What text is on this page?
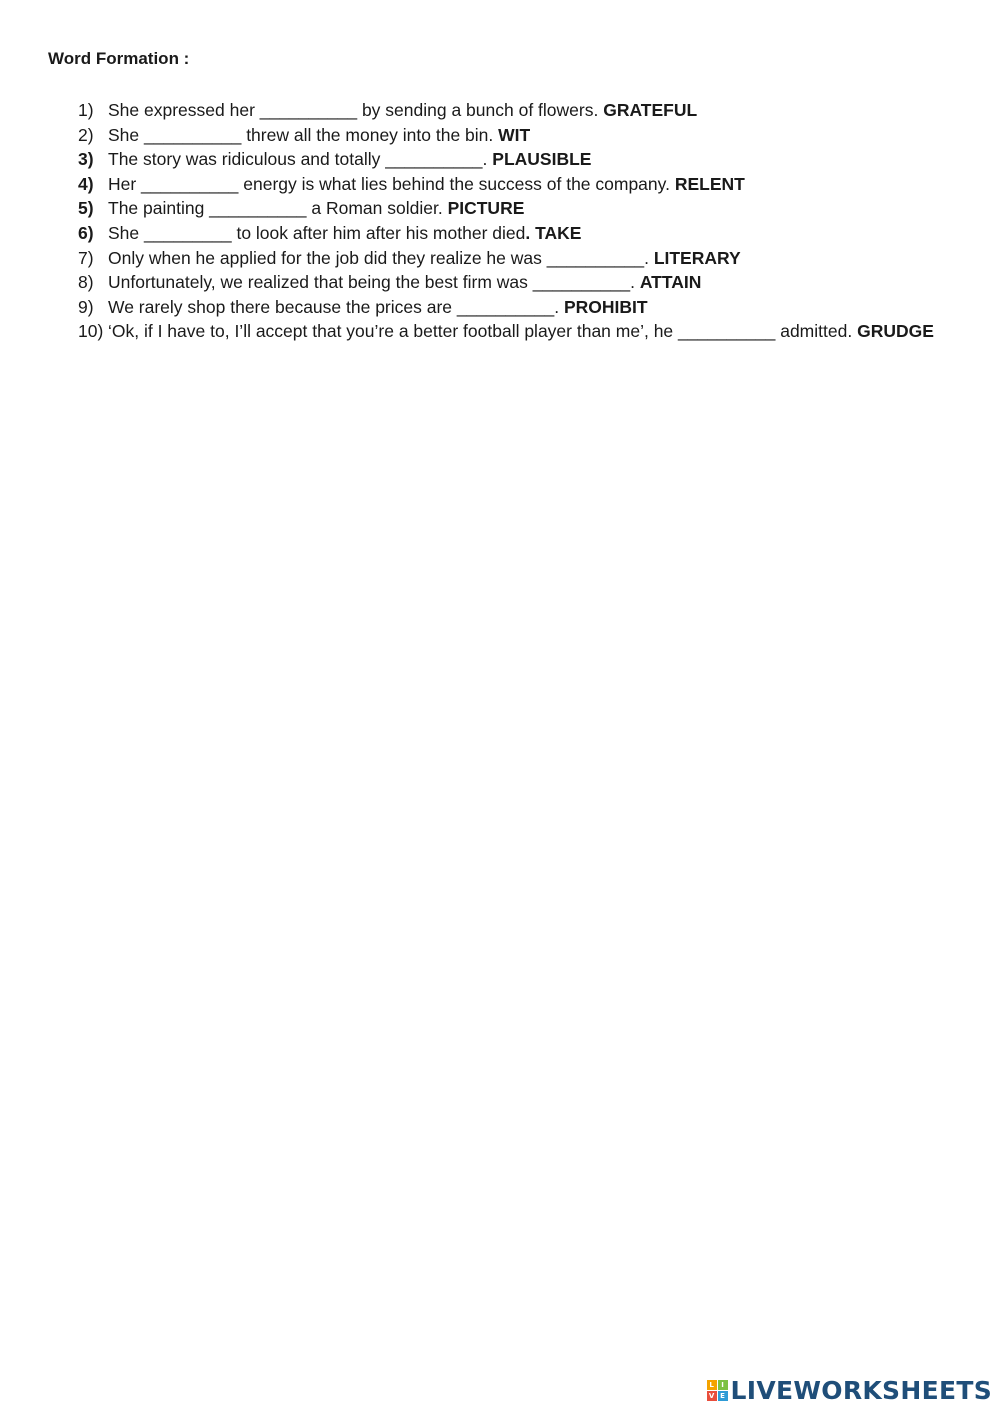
Word Formation :
1) She expressed her __________ by sending a bunch of flowers. GRATEFUL
2) She __________ threw all the money into the bin. WIT
3) The story was ridiculous and totally __________. PLAUSIBLE
4) Her __________ energy is what lies behind the success of the company. RELENT
5) The painting __________ a Roman soldier. PICTURE
6) She _________ to look after him after his mother died. TAKE
7) Only when he applied for the job did they realize he was __________. LITERARY
8) Unfortunately, we realized that being the best firm was __________. ATTAIN
9) We rarely shop there because the prices are __________. PROHIBIT
10) ‘Ok, if I have to, I’ll accept that you’re a better football player than me’, he __________ admitted. GRUDGE
L	I
V E LIVEWORKSHEETS
